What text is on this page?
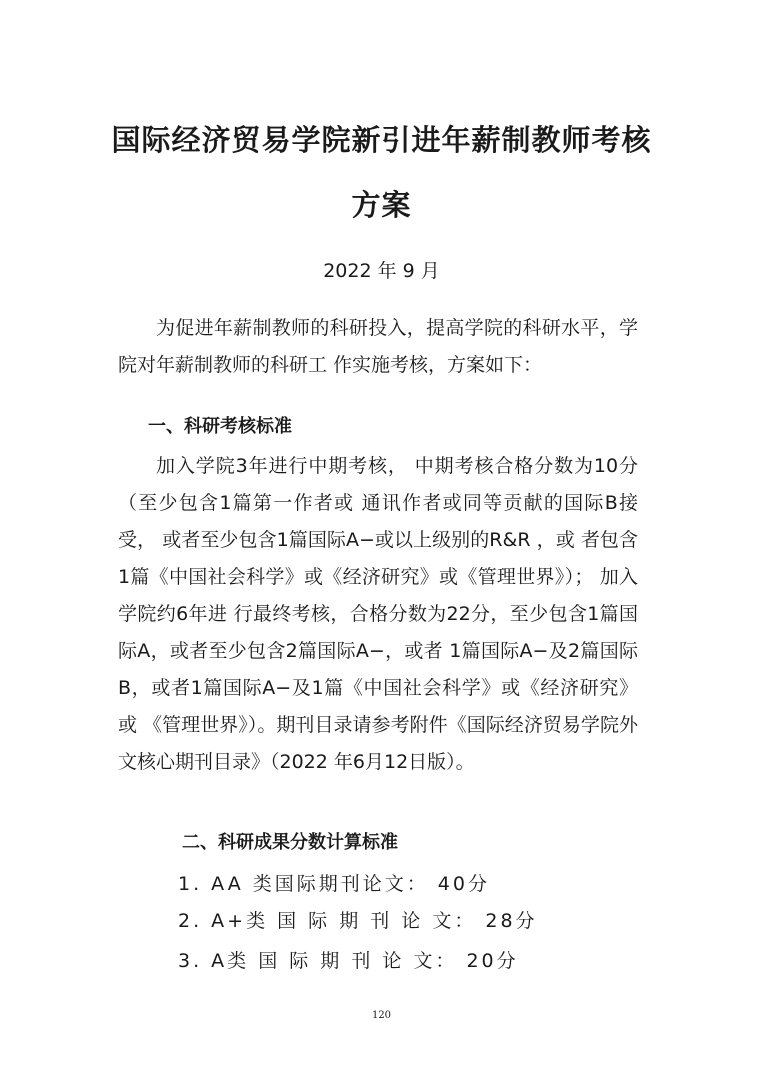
国际经济贸易学院新引进年薪制教师考核
方案
2022 年 9 月

为促进年薪制教师的科研投入，提高学院的科研水平，学院对年薪制教师的科研工 作实施考核，方案如下：

一、科研考核标准

加入学院3年进行中期考核， 中期考核合格分数为10分（至少包含1篇第一作者或 通讯作者或同等贡献的国际B接受， 或者至少包含1篇国际A−或以上级别的R&R ，或 者包含1篇《中国社会科学》或《经济研究》或《管理世界》）； 加入学院约6年进 行最终考核，合格分数为22分，至少包含1篇国际A，或者至少包含2篇国际A−，或者 1篇国际A−及2篇国际B，或者1篇国际A−及1篇《中国社会科学》或《经济研究》或 《管理世界》）。期刊目录请参考附件《国际经济贸易学院外文核心期刊目录》（2022 年6月12日版）。

二、科研成果分数计算标准
1. AA 类国际期刊论文： 40分
2. A+类 国 际 期 刊 论 文： 28分
3. A类 国 际 期 刊 论 文： 20分
120
